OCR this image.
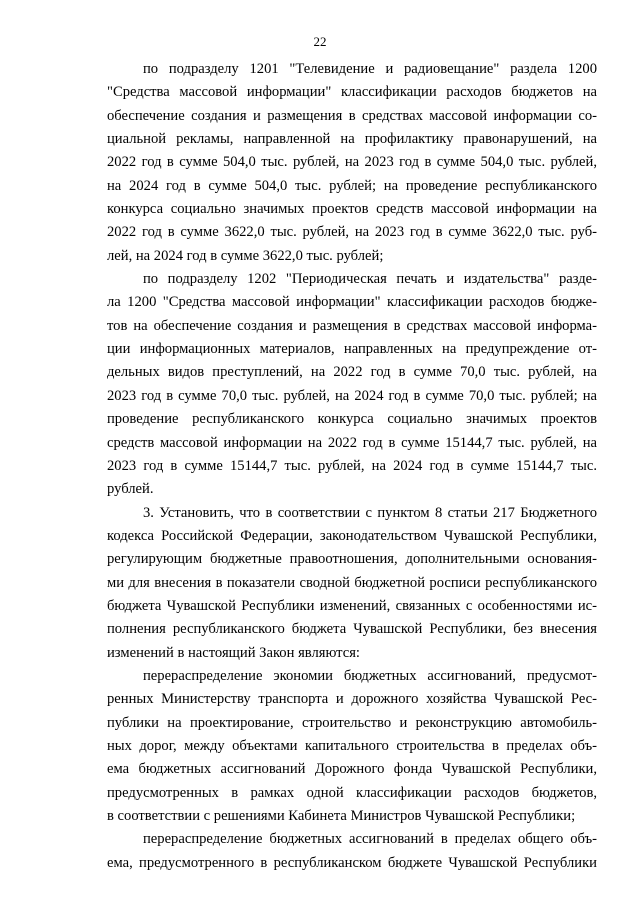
22
по подразделу 1201 "Телевидение и радиовещание" раздела 1200
"Средства массовой информации" классификации расходов бюджетов на
обеспечение создания и размещения в средствах массовой информации со-
циальной рекламы, направленной на профилактику правонарушений, на
2022 год в сумме 504,0 тыс. рублей, на 2023 год в сумме 504,0 тыс. рублей,
на 2024 год в сумме 504,0 тыс. рублей; на проведение республиканского
конкурса социально значимых проектов средств массовой информации на
2022 год в сумме 3622,0 тыс. рублей, на 2023 год в сумме 3622,0 тыс. руб-
лей, на 2024 год в сумме 3622,0 тыс. рублей;
по подразделу 1202 "Периодическая печать и издательства" разде-
ла 1200 "Средства массовой информации" классификации расходов бюдже-
тов на обеспечение создания и размещения в средствах массовой информа-
ции информационных материалов, направленных на предупреждение от-
дельных видов преступлений, на 2022 год в сумме 70,0 тыс. рублей, на
2023 год в сумме 70,0 тыс. рублей, на 2024 год в сумме 70,0 тыс. рублей; на
проведение республиканского конкурса социально значимых проектов
средств массовой информации на 2022 год в сумме 15144,7 тыс. рублей, на
2023 год в сумме 15144,7 тыс. рублей, на 2024 год в сумме 15144,7 тыс.
рублей.
3. Установить, что в соответствии с пунктом 8 статьи 217 Бюджетного
кодекса Российской Федерации, законодательством Чувашской Республики,
регулирующим бюджетные правоотношения, дополнительными основания-
ми для внесения в показатели сводной бюджетной росписи республиканского
бюджета Чувашской Республики изменений, связанных с особенностями ис-
полнения республиканского бюджета Чувашской Республики, без внесения
изменений в настоящий Закон являются:
перераспределение экономии бюджетных ассигнований, предусмот-
ренных Министерству транспорта и дорожного хозяйства Чувашской Рес-
публики на проектирование, строительство и реконструкцию автомобиль-
ных дорог, между объектами капитального строительства в пределах объ-
ема бюджетных ассигнований Дорожного фонда Чувашской Республики,
предусмотренных в рамках одной классификации расходов бюджетов,
в соответствии с решениями Кабинета Министров Чувашской Республики;
перераспределение бюджетных ассигнований в пределах общего объ-
ема, предусмотренного в республиканском бюджете Чувашской Республики
